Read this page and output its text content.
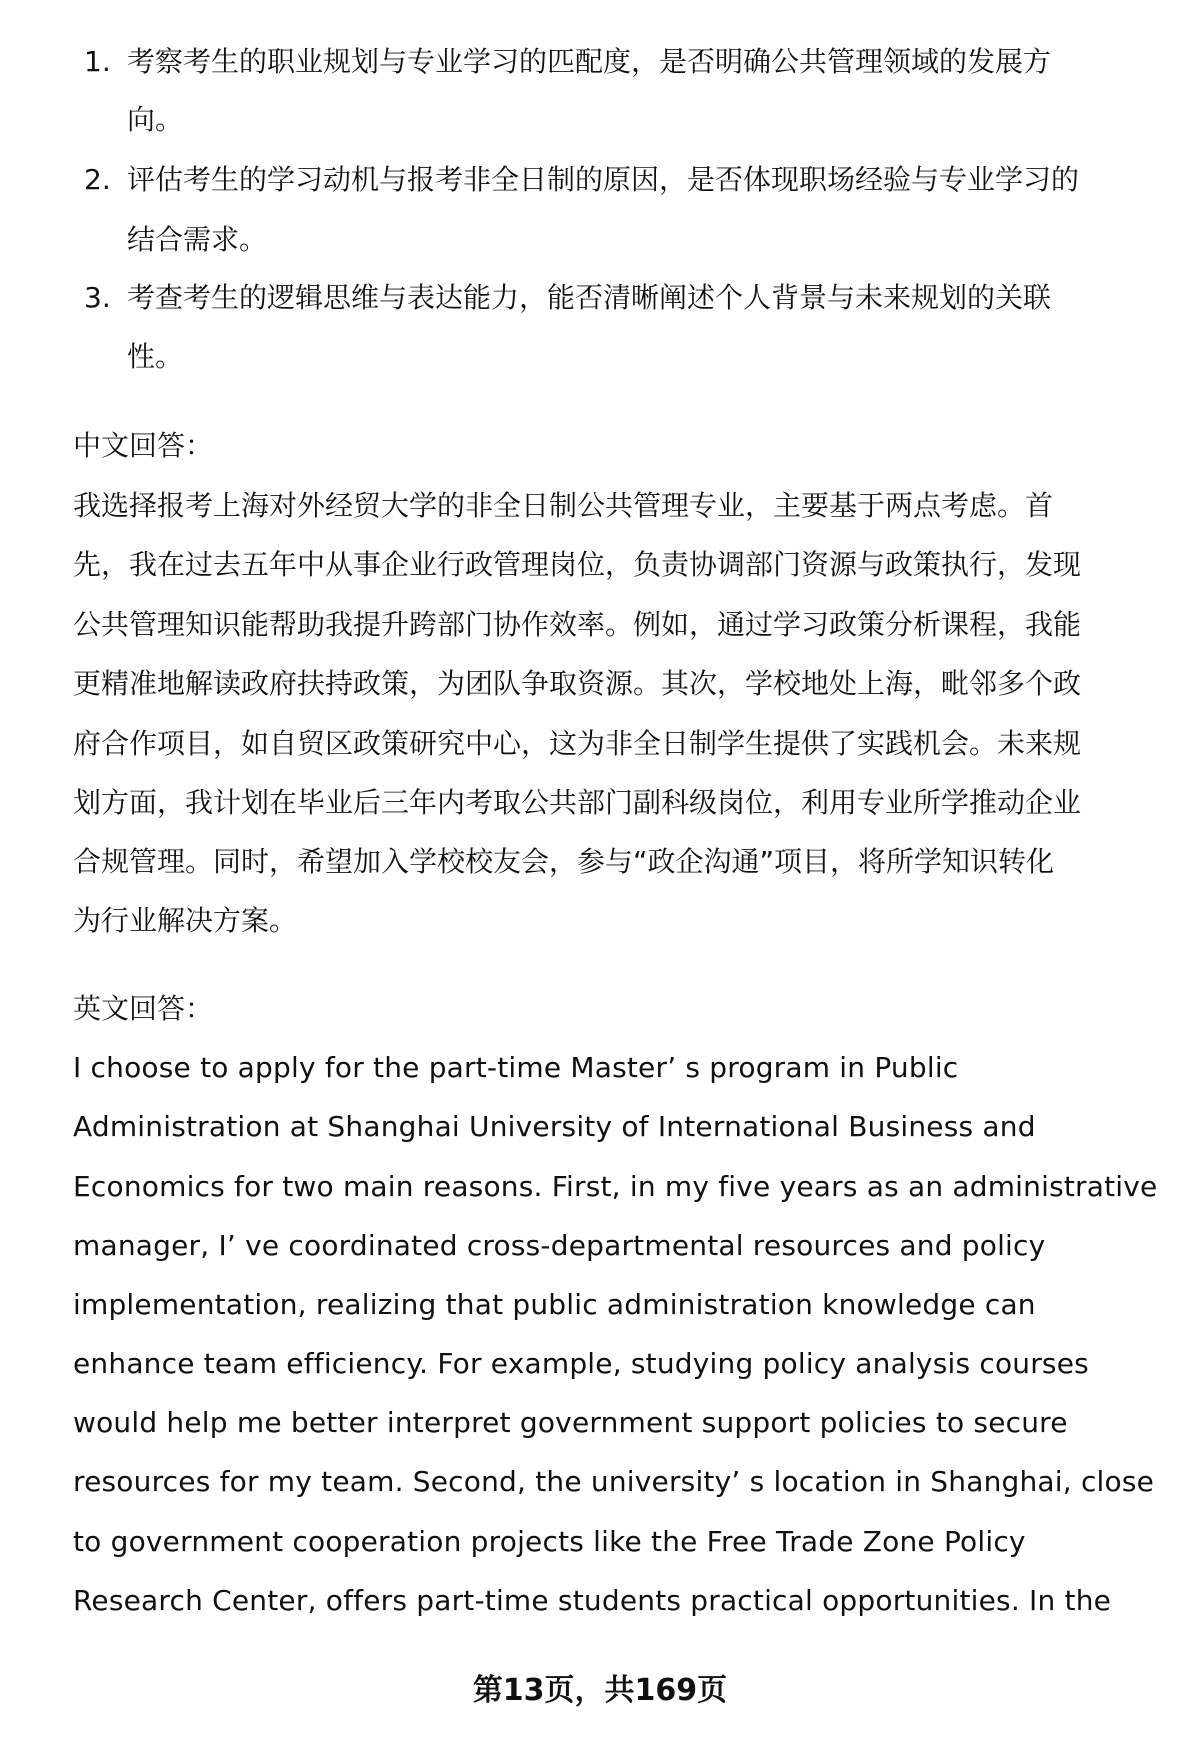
1. 考察考生的职业规划与专业学习的匹配度，是否明确公共管理领域的发展方
向。
2. 评估考生的学习动机与报考非全日制的原因，是否体现职场经验与专业学习的
结合需求。
3. 考查考生的逻辑思维与表达能力，能否清晰阐述个人背景与未来规划的关联
性。
中文回答：
我选择报考上海对外经贸大学的非全日制公共管理专业，主要基于两点考虑。首
先，我在过去五年中从事企业行政管理岗位，负责协调部门资源与政策执行，发现
公共管理知识能帮助我提升跨部门协作效率。例如，通过学习政策分析课程，我能
更精准地解读政府扶持政策，为团队争取资源。其次，学校地处上海，毗邻多个政
府合作项目，如自贸区政策研究中心，这为非全日制学生提供了实践机会。未来规
划方面，我计划在毕业后三年内考取公共部门副科级岗位，利用专业所学推动企业
合规管理。同时，希望加入学校校友会，参与“政企沟通”项目，将所学知识转化
为行业解决方案。
英文回答：
I choose to apply for the part-time Master’ s program in Public
Administration at Shanghai University of International Business and
Economics for two main reasons. First, in my five years as an administrative
manager, I’ ve coordinated cross-departmental resources and policy
implementation, realizing that public administration knowledge can
enhance team efficiency. For example, studying policy analysis courses
would help me better interpret government support policies to secure
resources for my team. Second, the university’ s location in Shanghai, close
to government cooperation projects like the Free Trade Zone Policy
Research Center, offers part-time students practical opportunities. In the
第13页，共169页
